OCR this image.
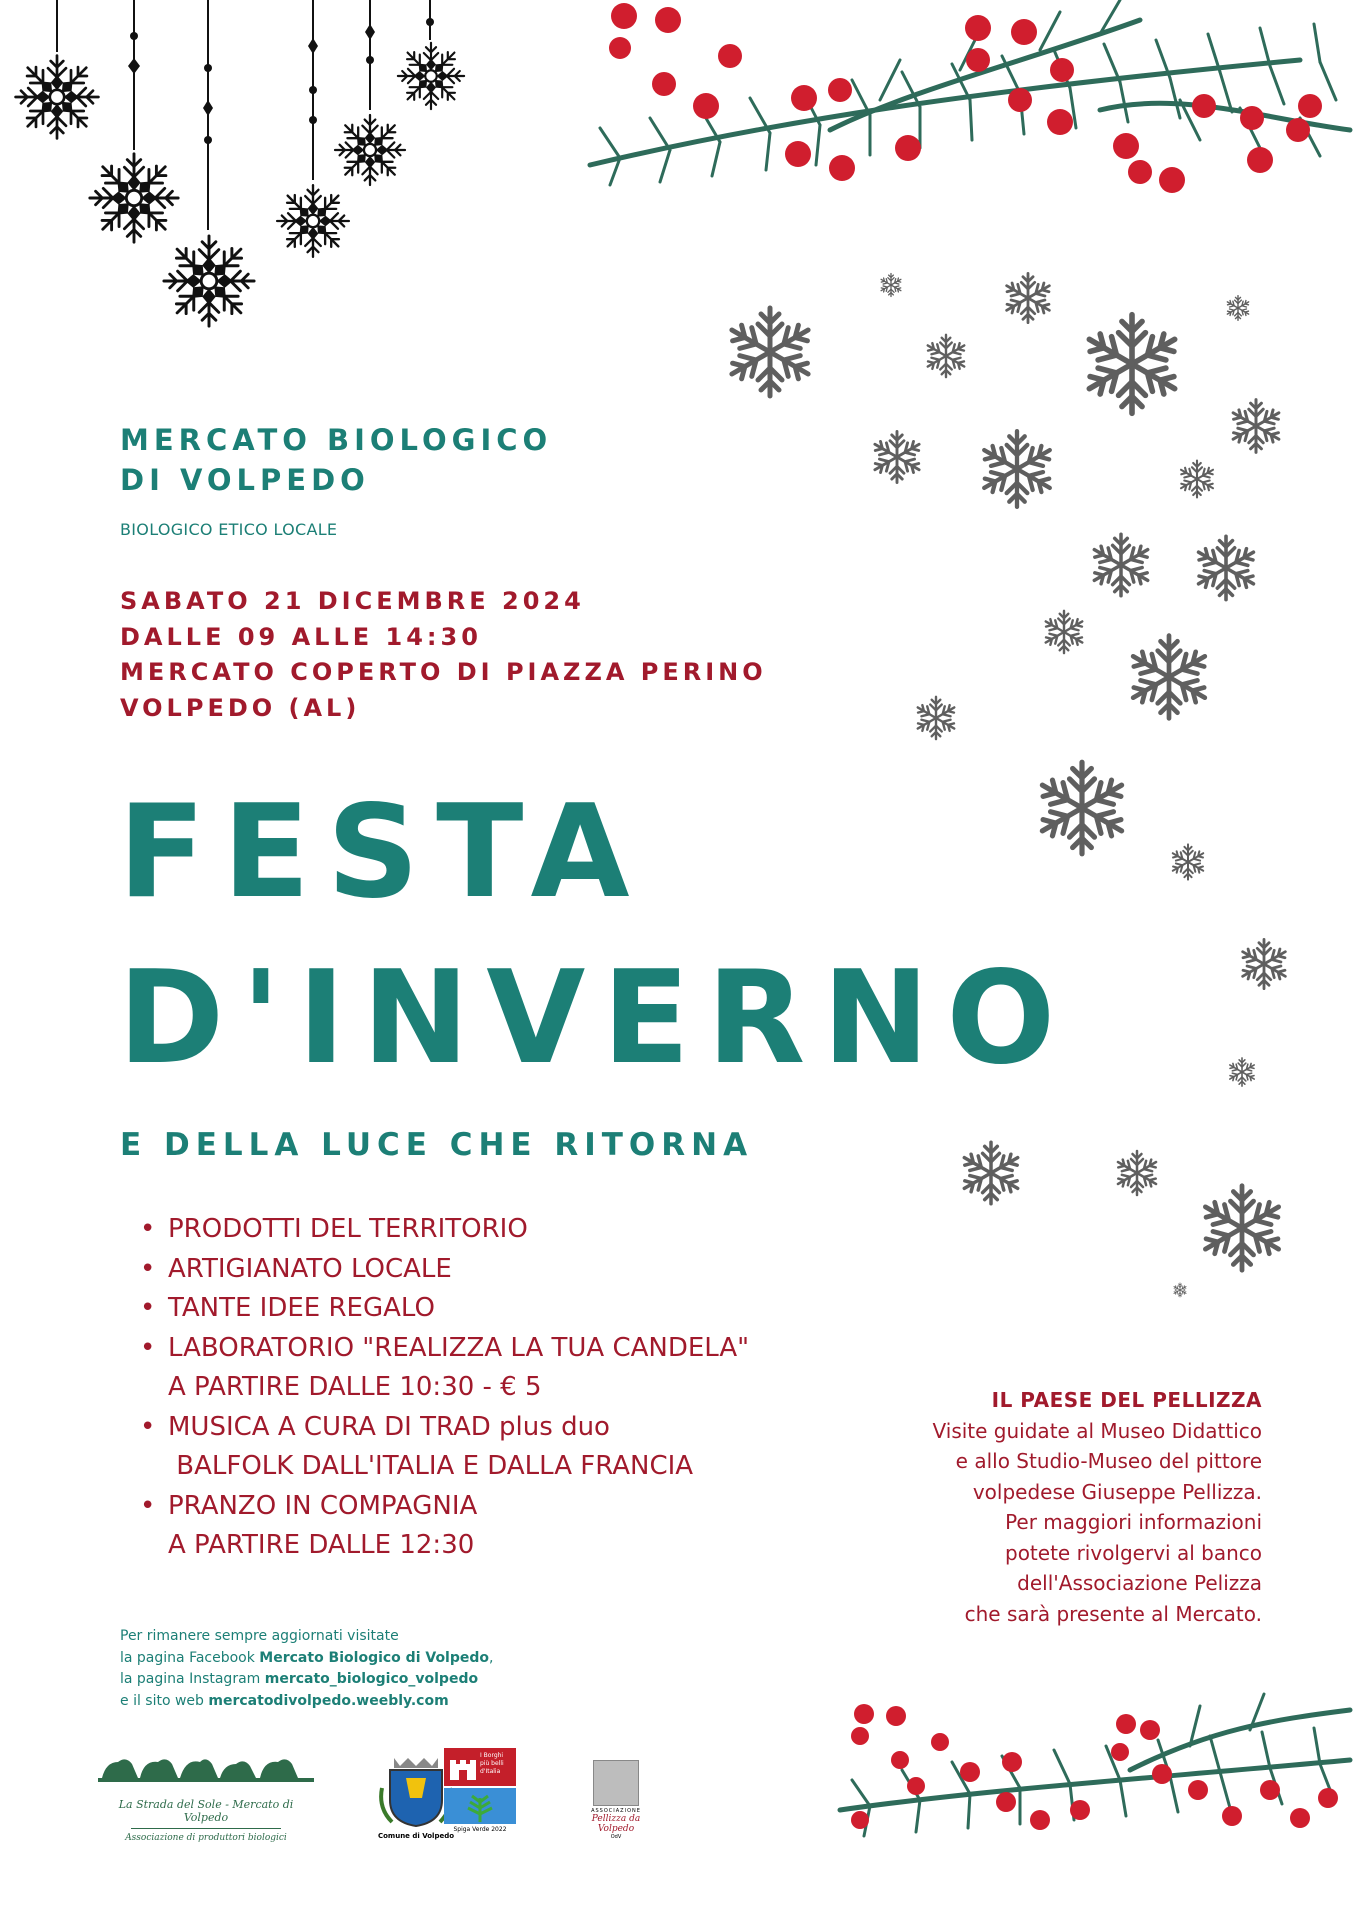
MERCATO BIOLOGICO
DI VOLPEDO
BIOLOGICO ETICO LOCALE
SABATO 21 DICEMBRE 2024
DALLE 09 ALLE 14:30
MERCATO COPERTO DI PIAZZA PERINO
VOLPEDO (AL)
FESTA
D'INVERNO
E DELLA LUCE CHE RITORNA
• PRODOTTI DEL TERRITORIO
• ARTIGIANATO LOCALE
• TANTE IDEE REGALO
• LABORATORIO "REALIZZA LA TUA CANDELA"
A PARTIRE DALLE 10:30 - € 5
• MUSICA A CURA DI TRAD plus duo
BALFOLK DALL'ITALIA E DALLA FRANCIA
• PRANZO IN COMPAGNIA
A PARTIRE DALLE 12:30
IL PAESE DEL PELLIZZA
Visite guidate al Museo Didattico
e allo Studio-Museo del pittore
volpedese Giuseppe Pellizza.
Per maggiori informazioni
potete rivolgervi al banco
dell'Associazione Pelizza
che sarà presente al Mercato.
Per rimanere sempre aggiornati visitate
la pagina Facebook Mercato Biologico di Volpedo,
la pagina Instagram mercato_biologico_volpedo
e il sito web mercatodivolpedo.weebly.com
La Strada del Sole - Mercato di Volpedo
Associazione di produttori biologici	Comune di Volpedo
I Borghi più belli d'Italia
Spiga Verde 2022
ASSOCIAZIONE
Pellizza da Volpedo
OdV
